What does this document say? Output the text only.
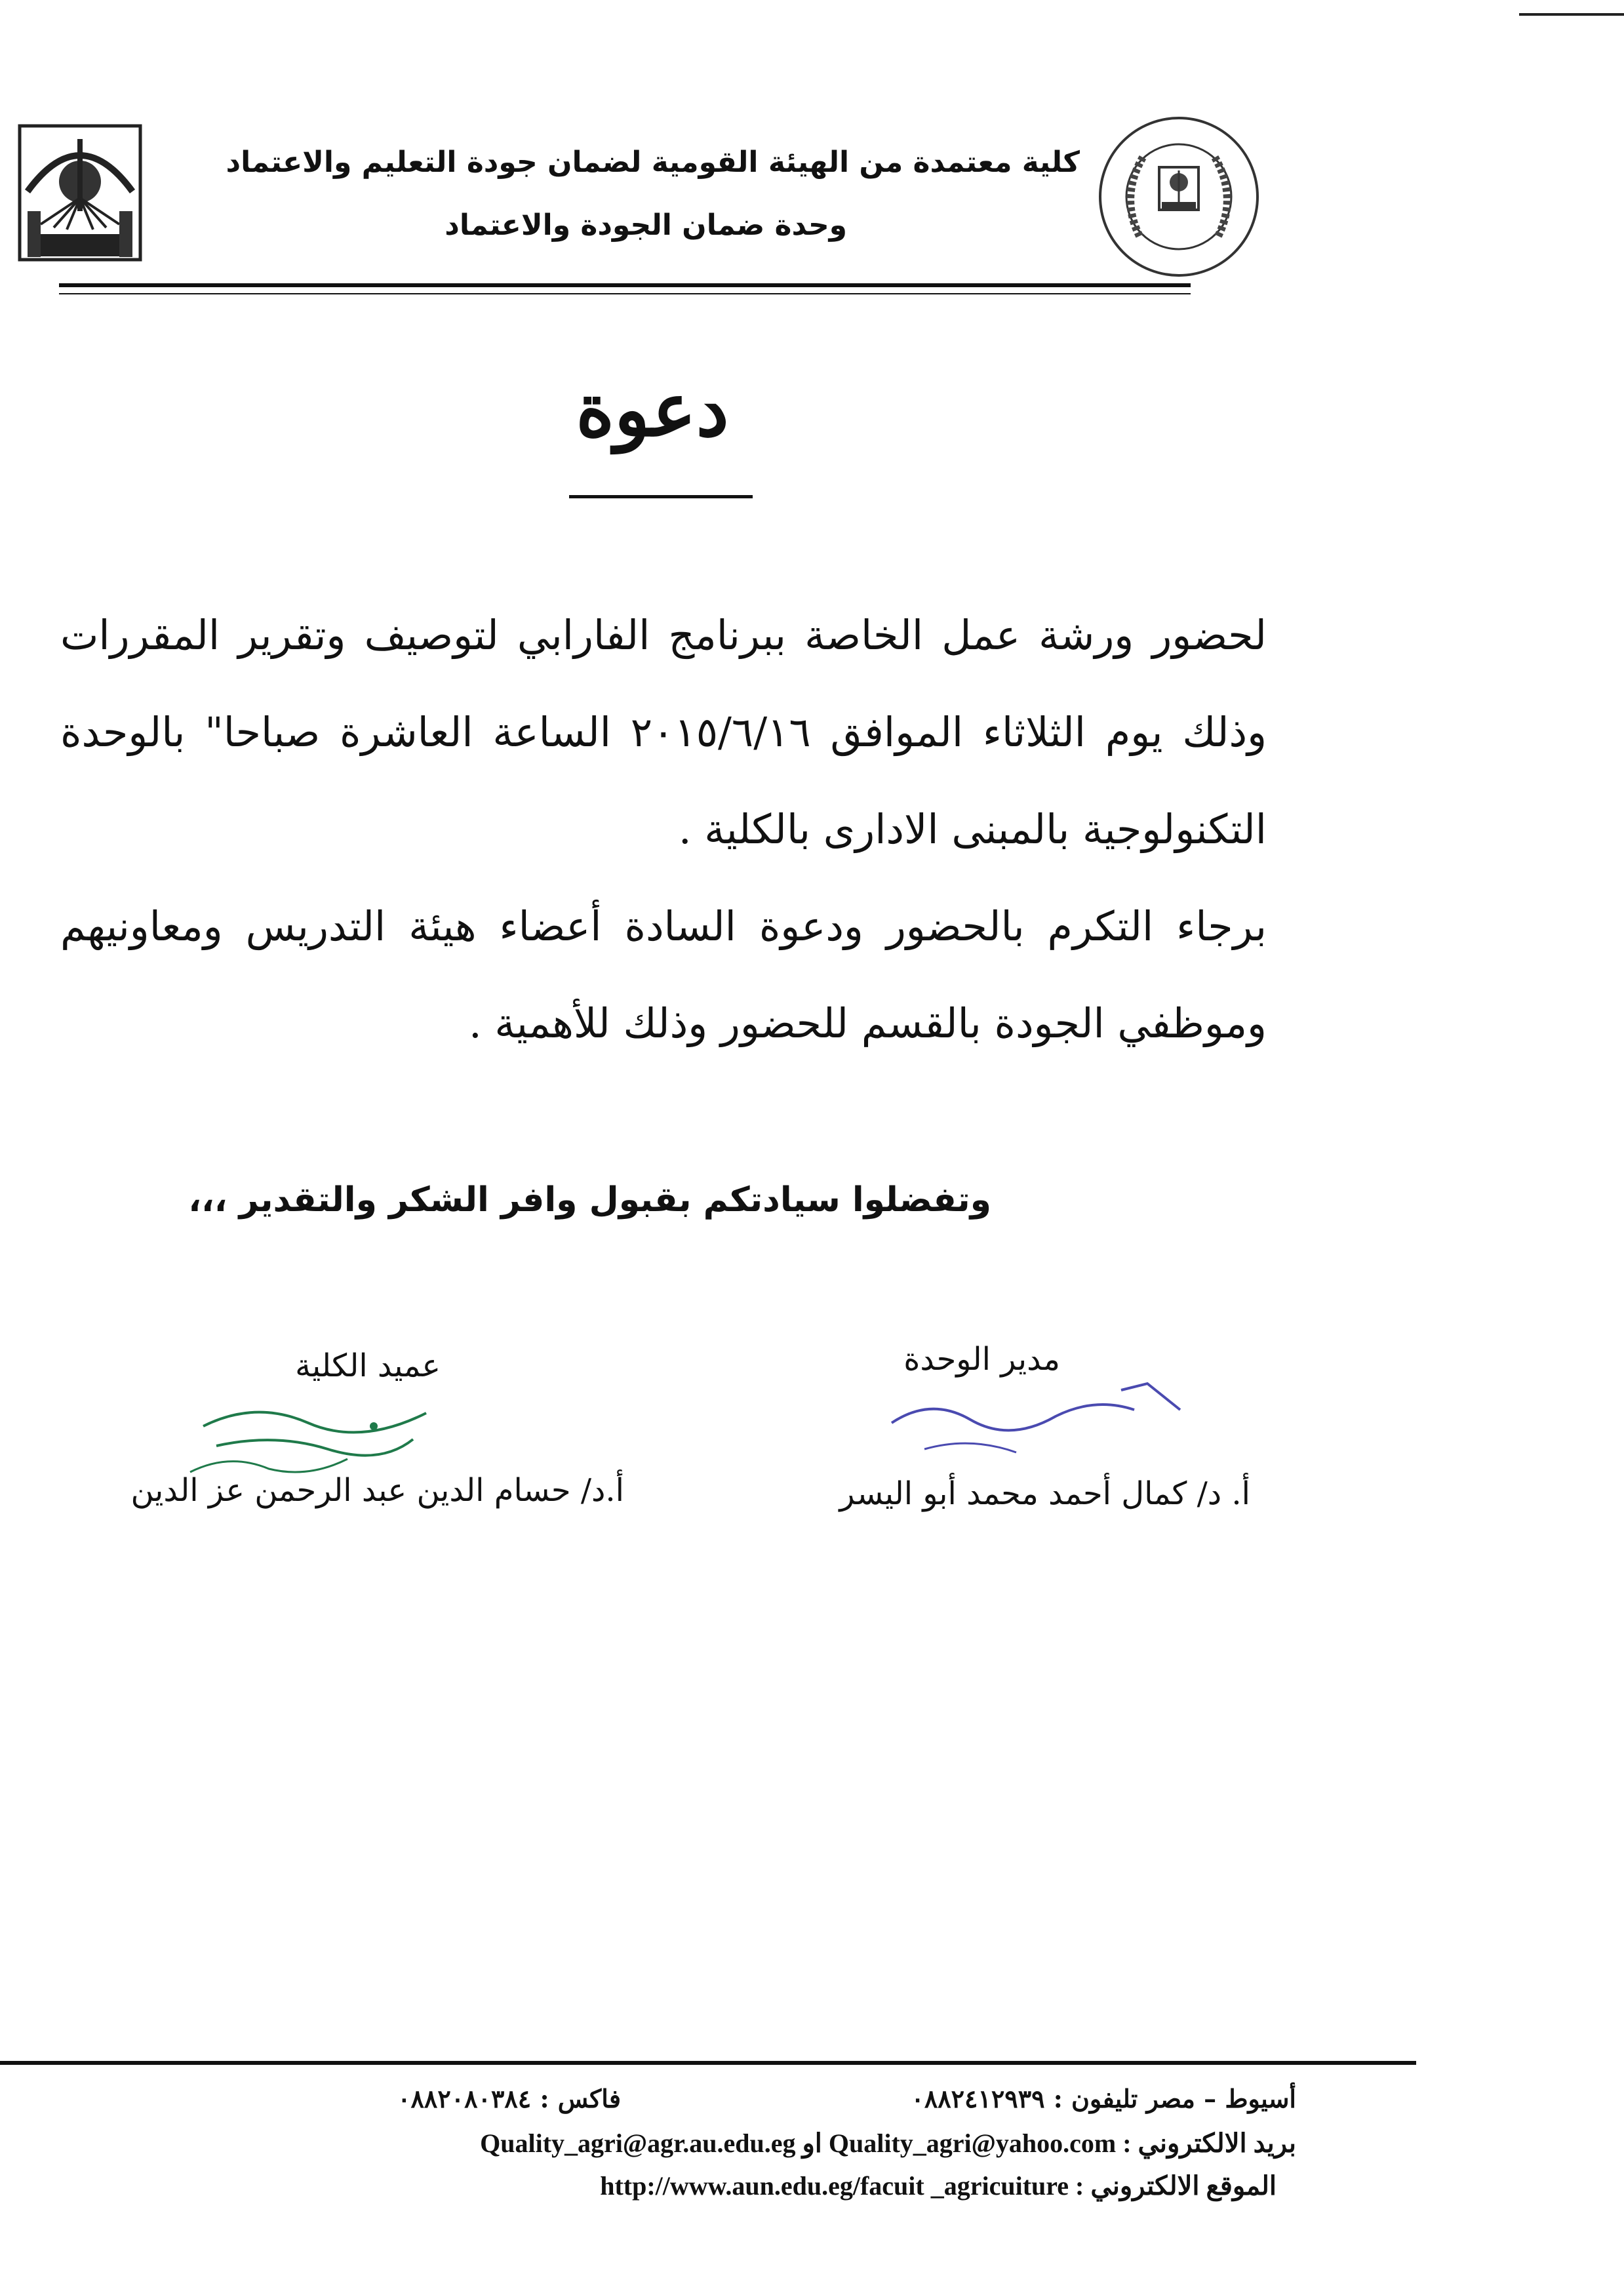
كلية معتمدة من الهيئة القومية لضمان جودة التعليم والاعتماد
وحدة ضمان الجودة والاعتماد
دعوة

لحضور ورشة عمل الخاصة ببرنامج الفارابي لتوصيف وتقرير المقررات وذلك يوم الثلاثاء الموافق ٢٠١٥/٦/١٦ الساعة العاشرة صباحا" بالوحدة التكنولوجية بالمبنى الادارى بالكلية .

برجاء التكرم بالحضور ودعوة السادة أعضاء هيئة التدريس ومعاونيهم وموظفي الجودة بالقسم للحضور وذلك للأهمية .

وتفضلوا سيادتكم بقبول وافر الشكر والتقدير ،،،
عميد الكلية
أ.د/ حسام الدين عبد الرحمن عز الدين
مدير الوحدة
أ. د/ كمال أحمد محمد أبو اليسر
أسيوط – مصر تليفون : ٠٨٨٢٤١٢٩٣٩
فاكس : ٠٨٨٢٠٨٠٣٨٤
بريد الالكتروني : Quality_agri@yahoo.com او Quality_agri@agr.au.edu.eg
الموقع الالكتروني : http://www.aun.edu.eg/facuit _agricuiture
